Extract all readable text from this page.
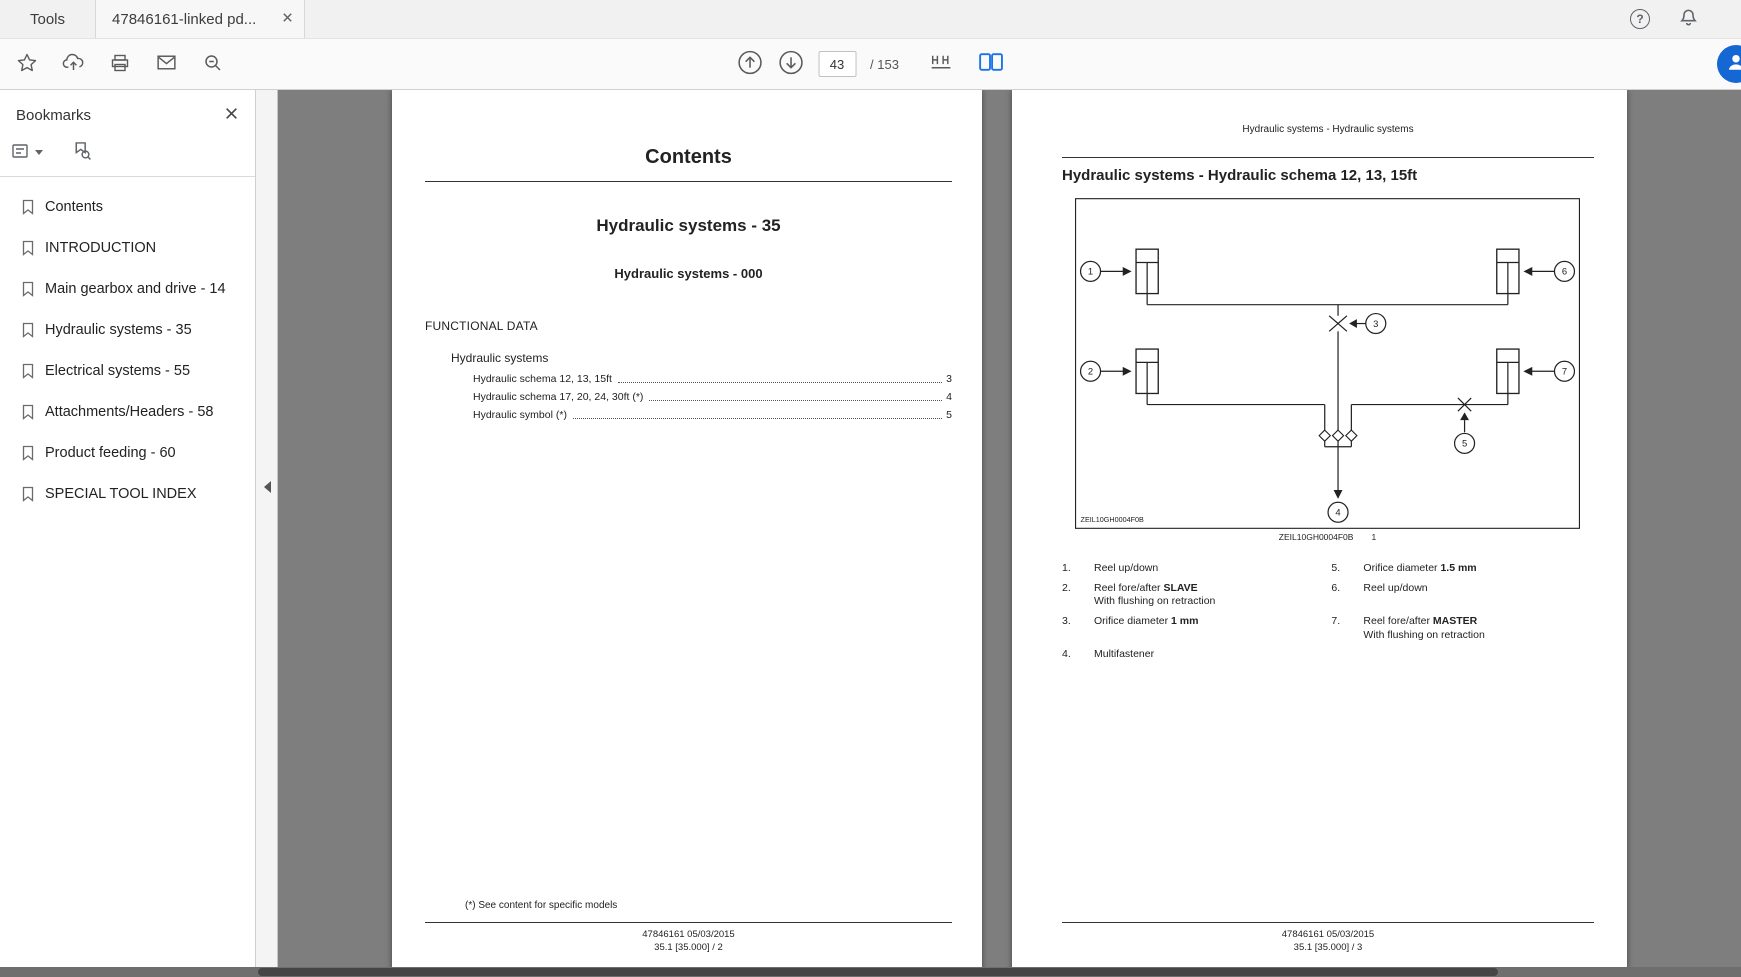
Tools	47846161-linked pd...	?
43
/ 153
Bookmarks
Contents
INTRODUCTION
Main gearbox and drive - 14
Hydraulic systems - 35
Electrical systems - 55
Attachments/Headers - 58
Product feeding - 60
SPECIAL TOOL INDEX
Contents
Hydraulic systems - 35
Hydraulic systems - 000
FUNCTIONAL DATA
Hydraulic systems
Hydraulic schema 12, 13, 15ft	3
Hydraulic schema 17, 20, 24, 30ft (*)	4
Hydraulic symbol (*)	5
(*) See content for specific models
47846161 05/03/2015
35.1 [35.000] / 2
Hydraulic systems - Hydraulic systems
Hydraulic systems - Hydraulic schema 12, 13, 15ft
1
2
3
4
5
6
7
ZEIL10GH0004F0B
ZEIL10GH0004F0B 1
1.	Reel up/down
2.	Reel fore/after SLAVE
With flushing on retraction
3.	Orifice diameter 1 mm
4.	Multifastener
5.	Orifice diameter 1.5 mm
6.	Reel up/down
7.	Reel fore/after MASTER
With flushing on retraction
47846161 05/03/2015
35.1 [35.000] / 3
